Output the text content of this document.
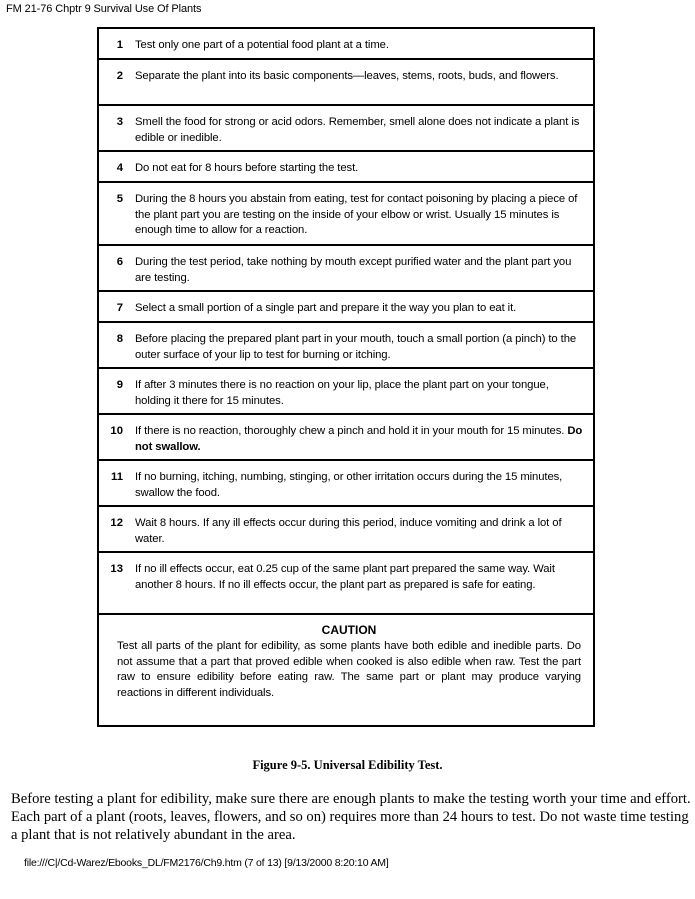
FM 21-76 Chptr 9 Survival Use Of Plants
1	Test only one part of a potential food plant at a time.
2	Separate the plant into its basic components—leaves, stems, roots, buds, and flowers.
3	Smell the food for strong or acid odors. Remember, smell alone does not indicate a plant is edible or inedible.
4	Do not eat for 8 hours before starting the test.
5	During the 8 hours you abstain from eating, test for contact poisoning by placing a piece of the plant part you are testing on the inside of your elbow or wrist. Usually 15 minutes is enough time to allow for a reaction.
6	During the test period, take nothing by mouth except purified water and the plant part you are testing.
7	Select a small portion of a single part and prepare it the way you plan to eat it.
8	Before placing the prepared plant part in your mouth, touch a small portion (a pinch) to the outer surface of your lip to test for burning or itching.
9	If after 3 minutes there is no reaction on your lip, place the plant part on your tongue, holding it there for 15 minutes.
10	If there is no reaction, thoroughly chew a pinch and hold it in your mouth for 15 minutes. Do not swallow.
11	If no burning, itching, numbing, stinging, or other irritation occurs during the 15 minutes, swallow the food.
12	Wait 8 hours. If any ill effects occur during this period, induce vomiting and drink a lot of water.
13	If no ill effects occur, eat 0.25 cup of the same plant part prepared the same way. Wait another 8 hours. If no ill effects occur, the plant part as prepared is safe for eating.
CAUTION
Test all parts of the plant for edibility, as some plants have both edible and inedible parts. Do not assume that a part that proved edible when cooked is also edible when raw. Test the part raw to ensure edibility before eating raw. The same part or plant may produce varying reactions in different individuals.
Figure 9-5. Universal Edibility Test.
Before testing a plant for edibility, make sure there are enough plants to make the testing worth your time and effort. Each part of a plant (roots, leaves, flowers, and so on) requires more than 24 hours to test. Do not waste time testing a plant that is not relatively abundant in the area.
file:///C|/Cd-Warez/Ebooks_DL/FM2176/Ch9.htm (7 of 13) [9/13/2000 8:20:10 AM]
